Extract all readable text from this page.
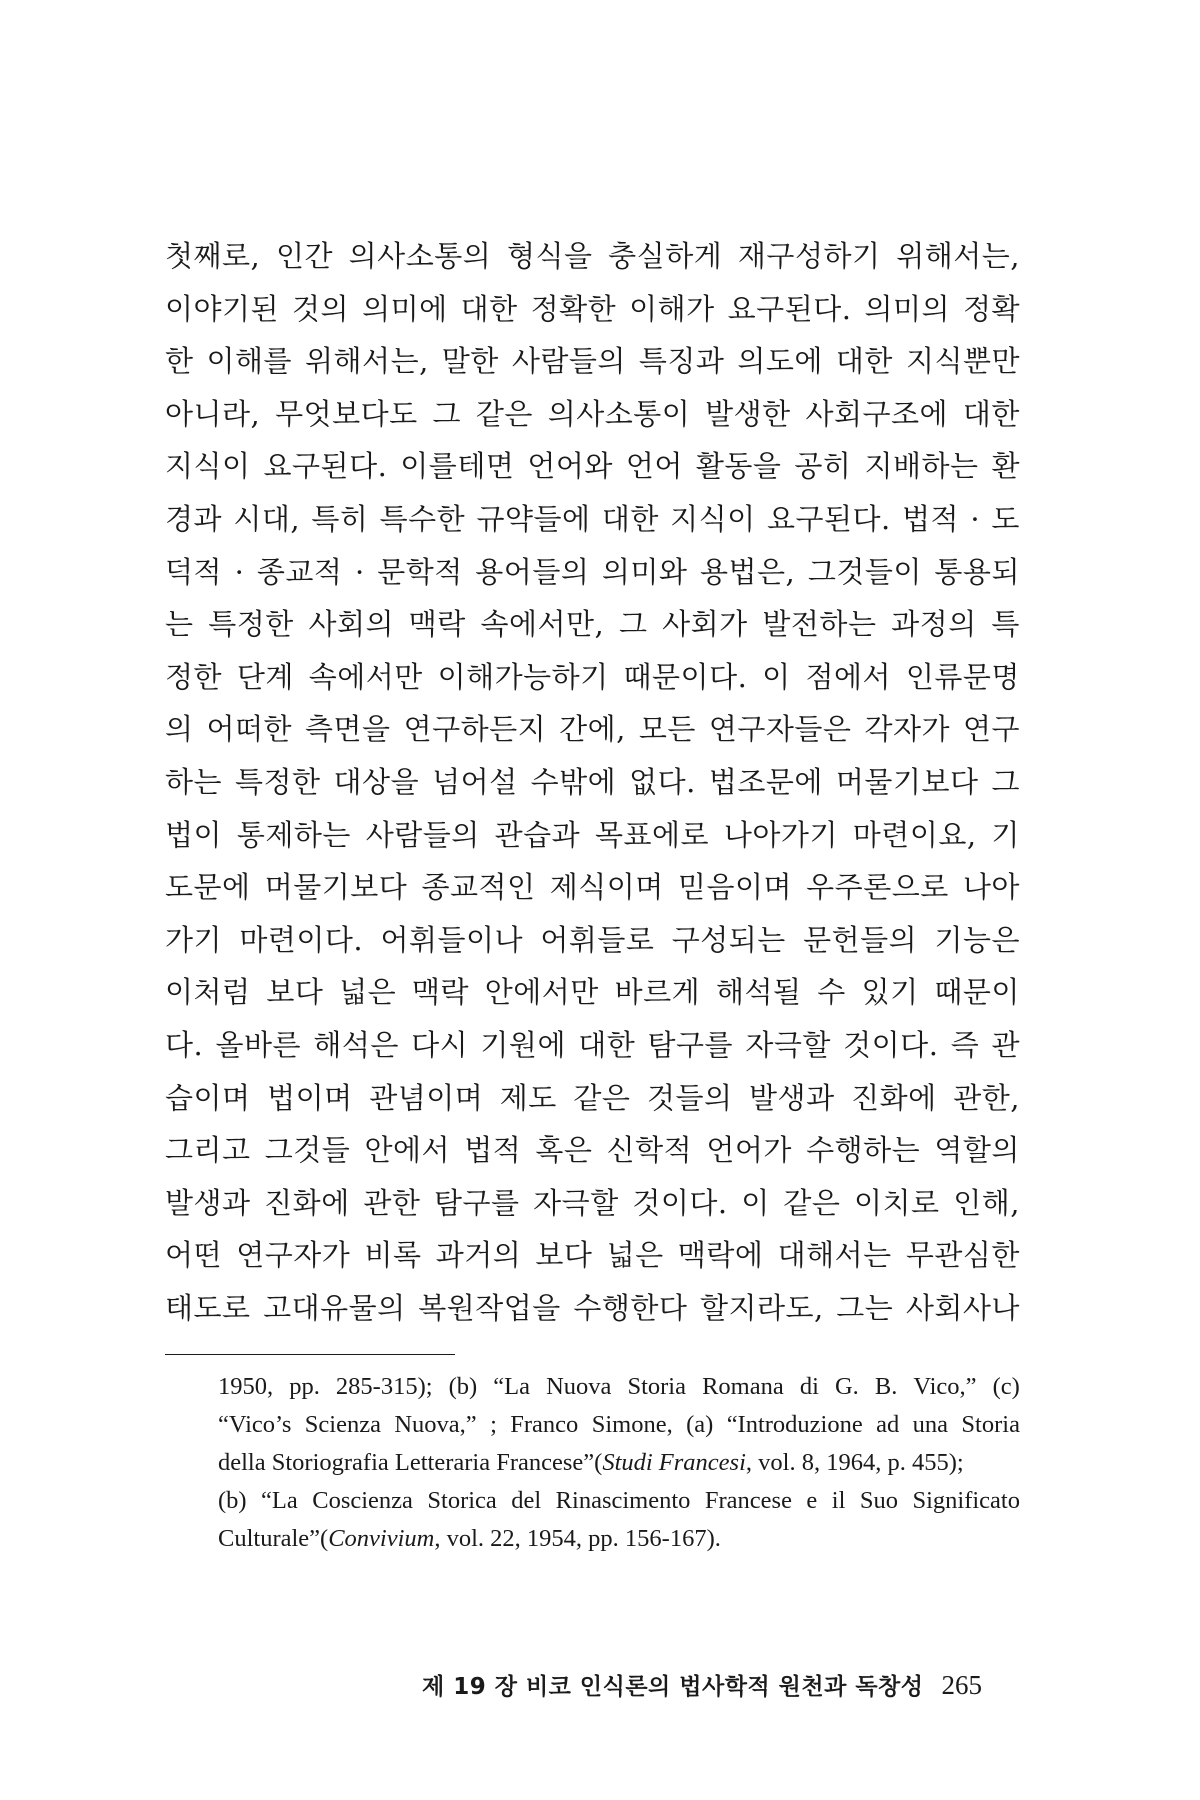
첫째로, 인간 의사소통의 형식을 충실하게 재구성하기 위해서는,
이야기된 것의 의미에 대한 정확한 이해가 요구된다. 의미의 정확
한 이해를 위해서는, 말한 사람들의 특징과 의도에 대한 지식뿐만
아니라, 무엇보다도 그 같은 의사소통이 발생한 사회구조에 대한
지식이 요구된다. 이를테면 언어와 언어 활동을 공히 지배하는 환
경과 시대, 특히 특수한 규약들에 대한 지식이 요구된다. 법적 · 도
덕적 · 종교적 · 문학적 용어들의 의미와 용법은, 그것들이 통용되
는 특정한 사회의 맥락 속에서만, 그 사회가 발전하는 과정의 특
정한 단계 속에서만 이해가능하기 때문이다. 이 점에서 인류문명
의 어떠한 측면을 연구하든지 간에, 모든 연구자들은 각자가 연구
하는 특정한 대상을 넘어설 수밖에 없다. 법조문에 머물기보다 그
법이 통제하는 사람들의 관습과 목표에로 나아가기 마련이요, 기
도문에 머물기보다 종교적인 제식이며 믿음이며 우주론으로 나아
가기 마련이다. 어휘들이나 어휘들로 구성되는 문헌들의 기능은
이처럼 보다 넓은 맥락 안에서만 바르게 해석될 수 있기 때문이
다. 올바른 해석은 다시 기원에 대한 탐구를 자극할 것이다. 즉 관
습이며 법이며 관념이며 제도 같은 것들의 발생과 진화에 관한,
그리고 그것들 안에서 법적 혹은 신학적 언어가 수행하는 역할의
발생과 진화에 관한 탐구를 자극할 것이다. 이 같은 이치로 인해,
어떤 연구자가 비록 과거의 보다 넓은 맥락에 대해서는 무관심한
태도로 고대유물의 복원작업을 수행한다 할지라도, 그는 사회사나
1950, pp. 285-315); (b) “La Nuova Storia Romana di G. B. Vico,” (c)
“Vico’s Scienza Nuova,” ; Franco Simone, (a) “Introduzione ad una Storia
della Storiografia Letteraria Francese”( Studi Francesi , vol. 8, 1964, p. 455);
(b) “La Coscienza Storica del Rinascimento Francese e il Suo Significato
Culturale”( Convivium , vol. 22, 1954, pp. 156-167).
제 19 장 비코 인식론의 법사학적 원천과 독창성 265
